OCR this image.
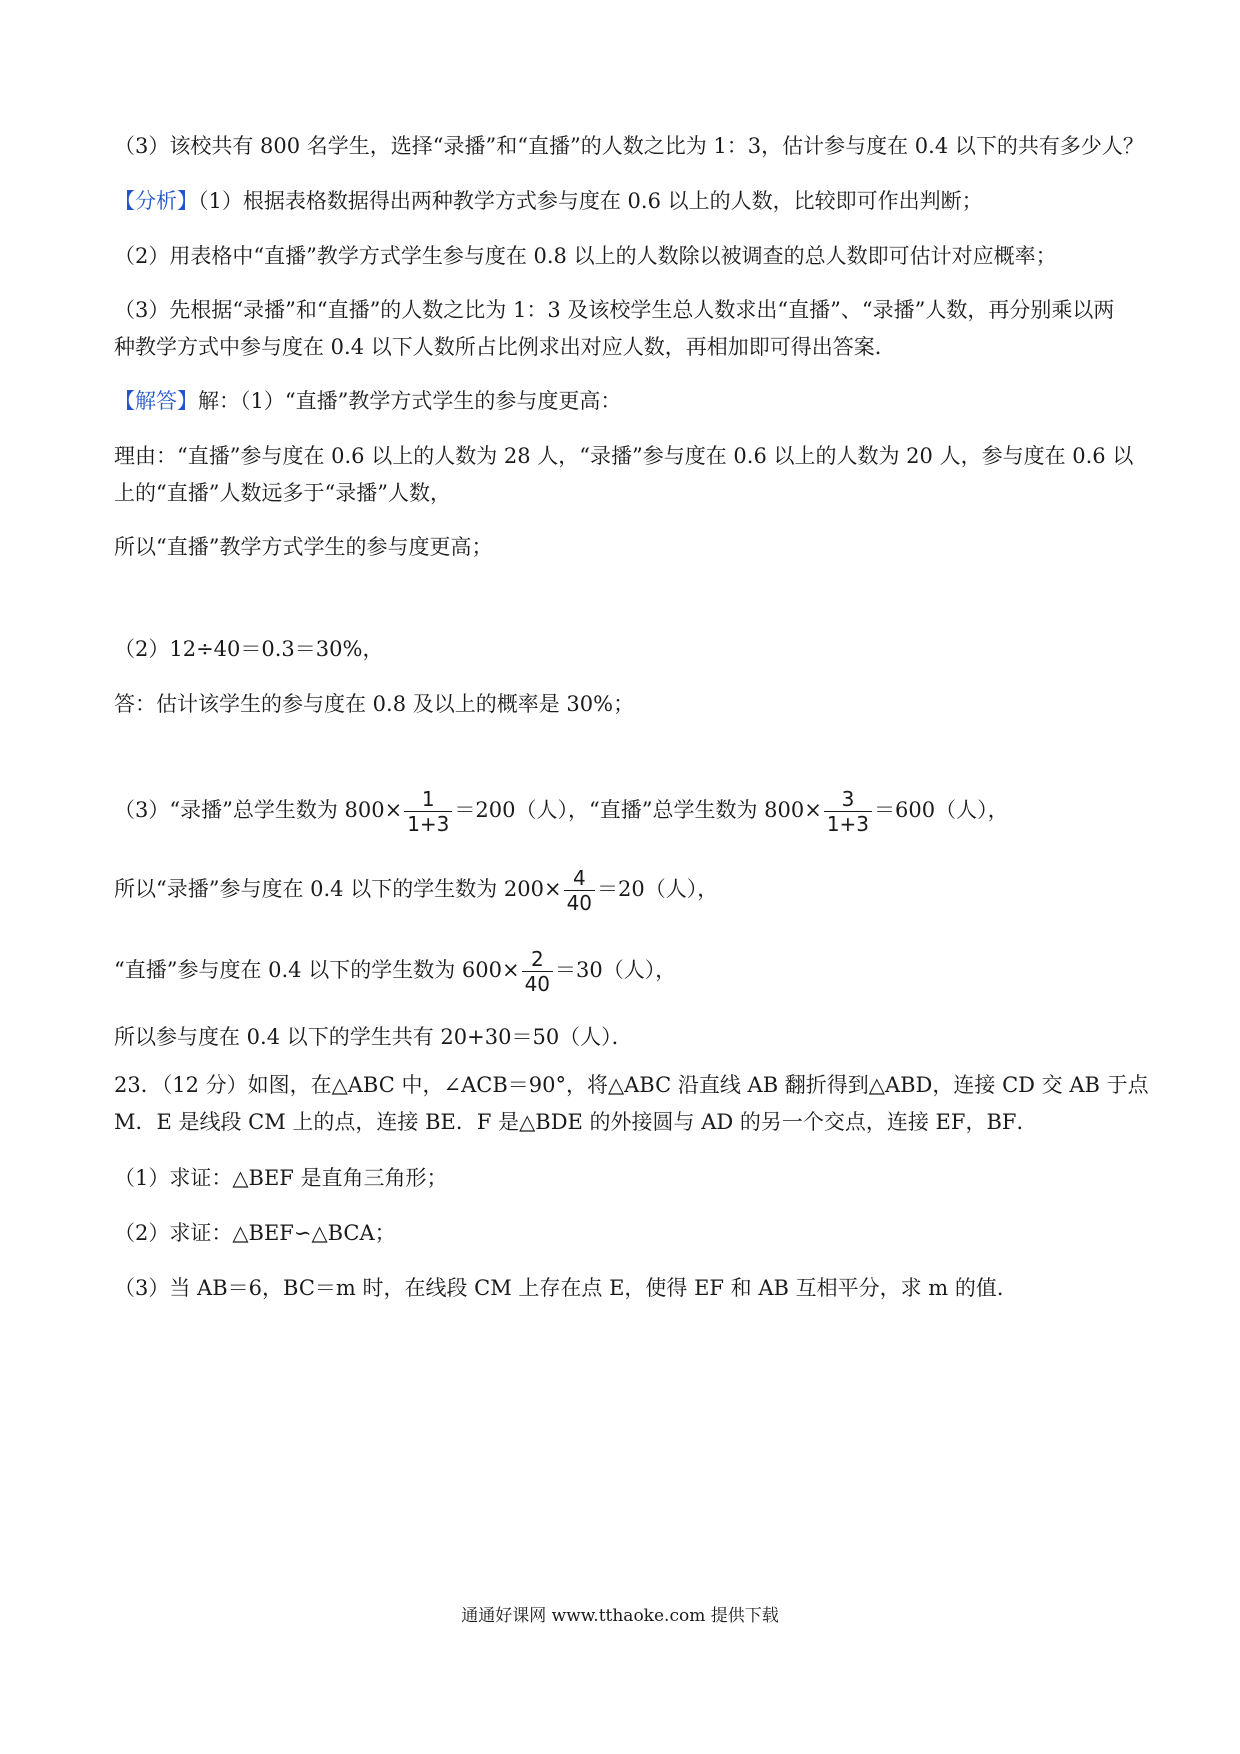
（3）该校共有 800 名学生，选择“录播”和“直播”的人数之比为 1：3，估计参与度在 0.4 以下的共有多少人？
【分析】（1）根据表格数据得出两种教学方式参与度在 0.6 以上的人数，比较即可作出判断；
（2）用表格中“直播”教学方式学生参与度在 0.8 以上的人数除以被调查的总人数即可估计对应概率；
（3）先根据“录播”和“直播”的人数之比为 1：3 及该校学生总人数求出“直播”、“录播”人数，再分别乘以两
种教学方式中参与度在 0.4 以下人数所占比例求出对应人数，再相加即可得出答案．
【解答】解：（1）“直播”教学方式学生的参与度更高：
理由：“直播”参与度在 0.6 以上的人数为 28 人，“录播”参与度在 0.6 以上的人数为 20 人，参与度在 0.6 以
上的“直播”人数远多于“录播”人数，
所以“直播”教学方式学生的参与度更高；
（2）12÷40＝0.3＝30%，
答：估计该学生的参与度在 0.8 及以上的概率是 30%；
（3）“录播”总学生数为 $800\times \frac{1}{1+3} =200$（人），“直播”总学生数为 $800\times \frac{3}{1+3} =600$（人），
所以“录播”参与度在 0.4 以下的学生数为 $200\times \frac{4}{40} =20$（人），
“直播”参与度在 0.4 以下的学生数为 $600\times \frac{2}{40} =30$（人），
所以参与度在 0.4 以下的学生共有 20+30＝50（人）．
23．（12 分）如图，在△ABC 中，∠ACB＝90°，将△ABC 沿直线 AB 翻折得到△ABD，连接 CD 交 AB 于点
M．E 是线段 CM 上的点，连接 BE．F 是△BDE 的外接圆与 AD 的另一个交点，连接 EF，BF．
（1）求证：△BEF 是直角三角形；
（2）求证：△BEF∽△BCA；
（3）当 AB＝6，BC＝m 时，在线段 CM 上存在点 E，使得 EF 和 AB 互相平分，求 m 的值．
通通好课网 www.tthaoke.com 提供下载
